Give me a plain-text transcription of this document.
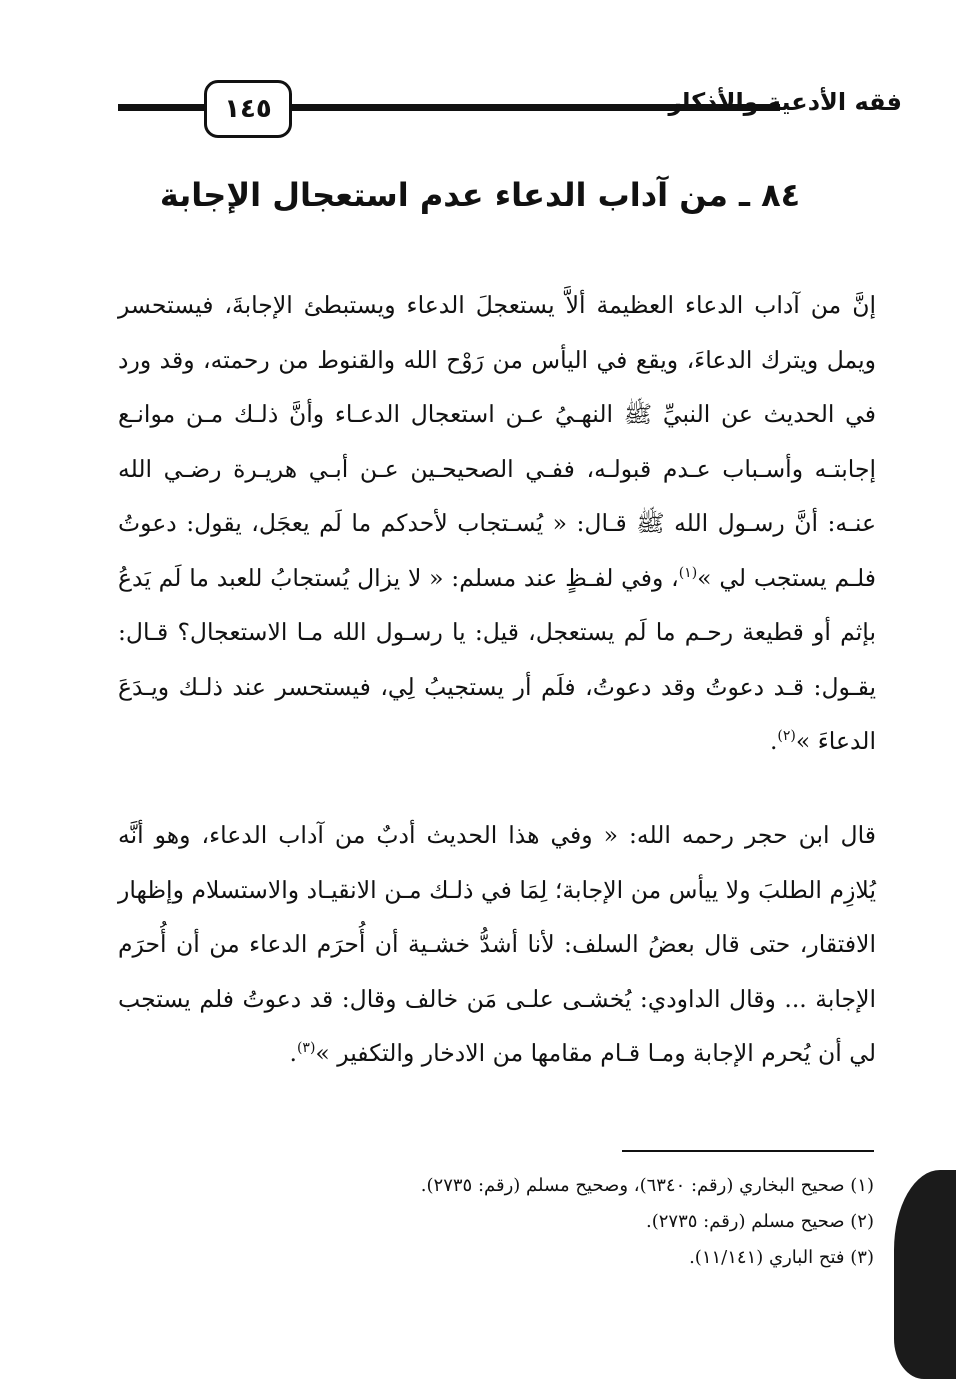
١٤٥	فقه الأدعية والأذكار
٨٤ ـ من آداب الدعاء عدم استعجال الإجابة

إنَّ من آداب الدعاء العظيمة ألاَّ يستعجلَ الدعاء ويستبطئ الإجابةَ، فيستحسر ويمل ويترك الدعاءَ، ويقع في اليأس من رَوْح الله والقنوط من رحمته، وقد ورد في الحديث عن النبيِّ ﷺ النهـيُ عـن استعجال الدعـاء وأنَّ ذلـك مـن موانـع إجابتـه وأسـباب عـدم قبولـه، ففـي الصحيحـين عـن أبـي هريـرة رضـي الله عنـه: أنَّ رسـول الله ﷺ قـال: « يُسـتجاب لأحدكم ما لَم يعجَل، يقول: دعوتُ فلـم يستجب لي »$^{(١)}$، وفي لفـظٍ عند مسلم: « لا يزال يُستجابُ للعبد ما لَم يَدعُ بإثم أو قطيعة رحـم ما لَم يستعجل، قيل: يا رسـول الله مـا الاستعجال؟ قـال: يقـول: قـد دعوتُ وقد دعوتُ، فلَم أر يستجيبُ لِي، فيستحسر عند ذلـك ويـدَعَ الدعاءَ »$^{(٢)}$.

قال ابن حجر رحمه الله: « وفي هذا الحديث أدبٌ من آداب الدعاء، وهو أنَّه يُلازِم الطلبَ ولا ييأس من الإجابة؛ لِمَا في ذلـك مـن الانقيـاد والاستسلام وإظهار الافتقار، حتى قال بعضُ السلف: لأنا أشدُّ خشـية أن أُحرَم الدعاء من أن أُحرَم الإجابة ... وقال الداودي: يُخشـى علـى مَن خالف وقال: قد دعوتُ فلم يستجب لي أن يُحرم الإجابة ومـا قـام مقامها من الادخار والتكفير »$^{(٣)}$.

(١) صحيح البخاري (رقم: ٦٣٤٠)، وصحيح مسلم (رقم: ٢٧٣٥).
(٢) صحيح مسلم (رقم: ٢٧٣٥).
(٣) فتح الباري (١١/١٤١).
